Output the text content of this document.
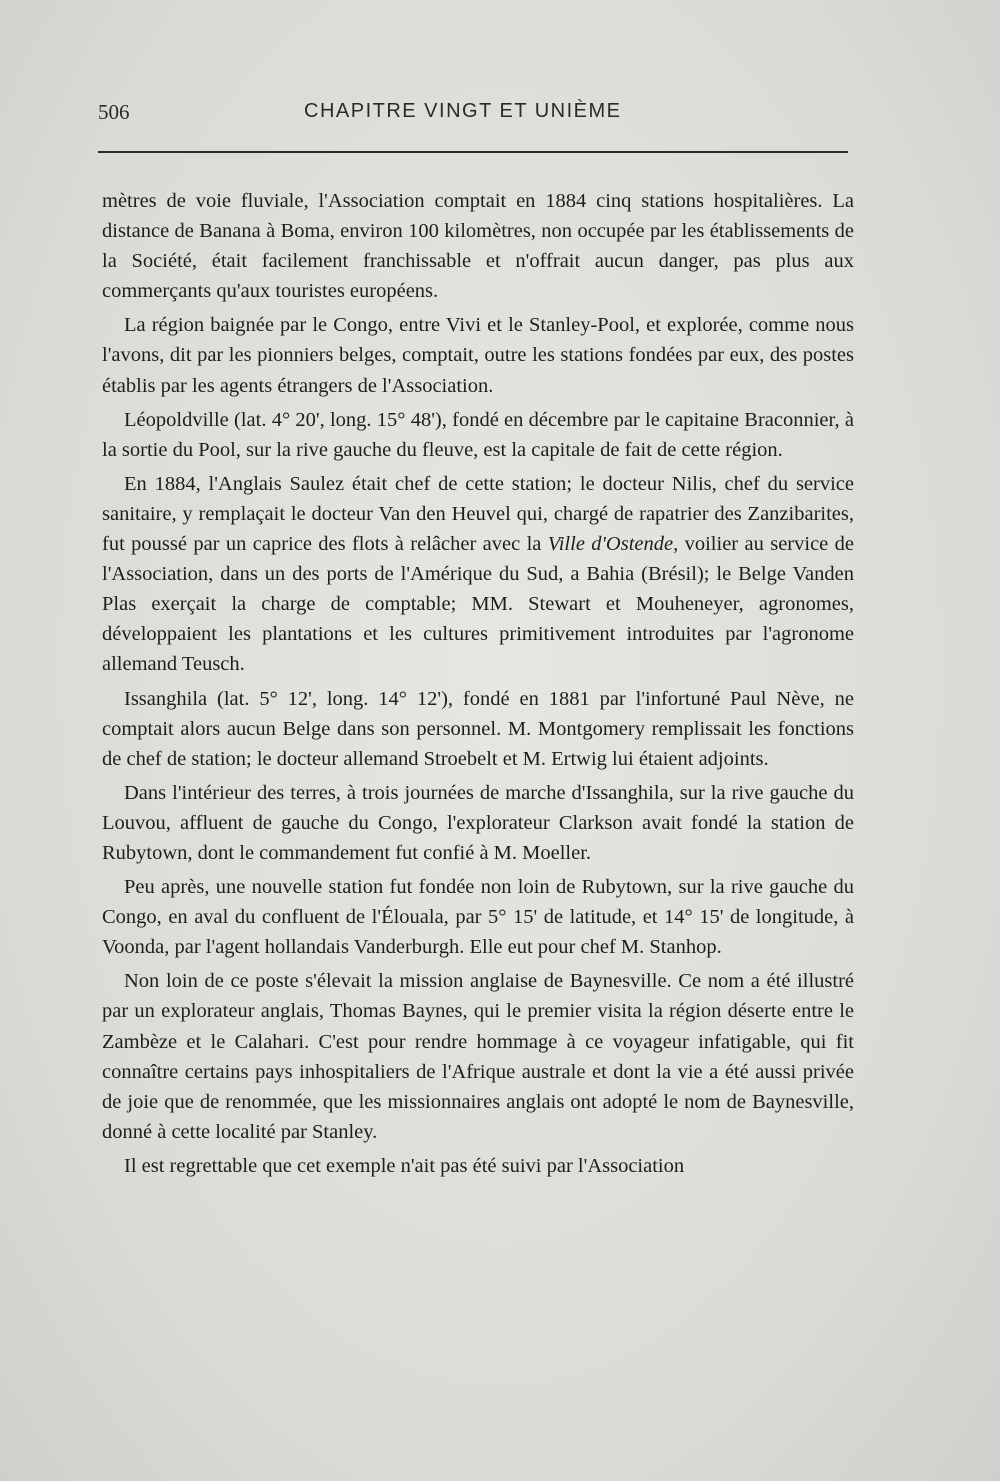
506	CHAPITRE VINGT ET UNIÈME

mètres de voie fluviale, l'Association comptait en 1884 cinq stations hospitalières. La distance de Banana à Boma, environ 100 kilomètres, non occupée par les établissements de la Société, était facilement franchissable et n'offrait aucun danger, pas plus aux commerçants qu'aux touristes européens.

La région baignée par le Congo, entre Vivi et le Stanley-Pool, et explorée, comme nous l'avons, dit par les pionniers belges, comptait, outre les stations fondées par eux, des postes établis par les agents étrangers de l'Association.

Léopoldville (lat. 4° 20', long. 15° 48'), fondé en décembre par le capitaine Braconnier, à la sortie du Pool, sur la rive gauche du fleuve, est la capitale de fait de cette région.

En 1884, l'Anglais Saulez était chef de cette station; le docteur Nilis, chef du service sanitaire, y remplaçait le docteur Van den Heuvel qui, chargé de rapatrier des Zanzibarites, fut poussé par un caprice des flots à relâcher avec la Ville d'Ostende, voilier au service de l'Association, dans un des ports de l'Amérique du Sud, a Bahia (Brésil); le Belge Vanden Plas exerçait la charge de comptable; MM. Stewart et Mouheneyer, agronomes, développaient les plantations et les cultures primitivement introduites par l'agronome allemand Teusch.

Issanghila (lat. 5° 12', long. 14° 12'), fondé en 1881 par l'infortuné Paul Nève, ne comptait alors aucun Belge dans son personnel. M. Montgomery remplissait les fonctions de chef de station; le docteur allemand Stroebelt et M. Ertwig lui étaient adjoints.

Dans l'intérieur des terres, à trois journées de marche d'Issanghila, sur la rive gauche du Louvou, affluent de gauche du Congo, l'explorateur Clarkson avait fondé la station de Rubytown, dont le commandement fut confié à M. Moeller.

Peu après, une nouvelle station fut fondée non loin de Rubytown, sur la rive gauche du Congo, en aval du confluent de l'Élouala, par 5° 15' de latitude, et 14° 15' de longitude, à Voonda, par l'agent hollandais Vanderburgh. Elle eut pour chef M. Stanhop.

Non loin de ce poste s'élevait la mission anglaise de Baynesville. Ce nom a été illustré par un explorateur anglais, Thomas Baynes, qui le premier visita la région déserte entre le Zambèze et le Calahari. C'est pour rendre hommage à ce voyageur infatigable, qui fit connaître certains pays inhospitaliers de l'Afrique australe et dont la vie a été aussi privée de joie que de renommée, que les missionnaires anglais ont adopté le nom de Baynesville, donné à cette localité par Stanley.

Il est regrettable que cet exemple n'ait pas été suivi par l'Association
